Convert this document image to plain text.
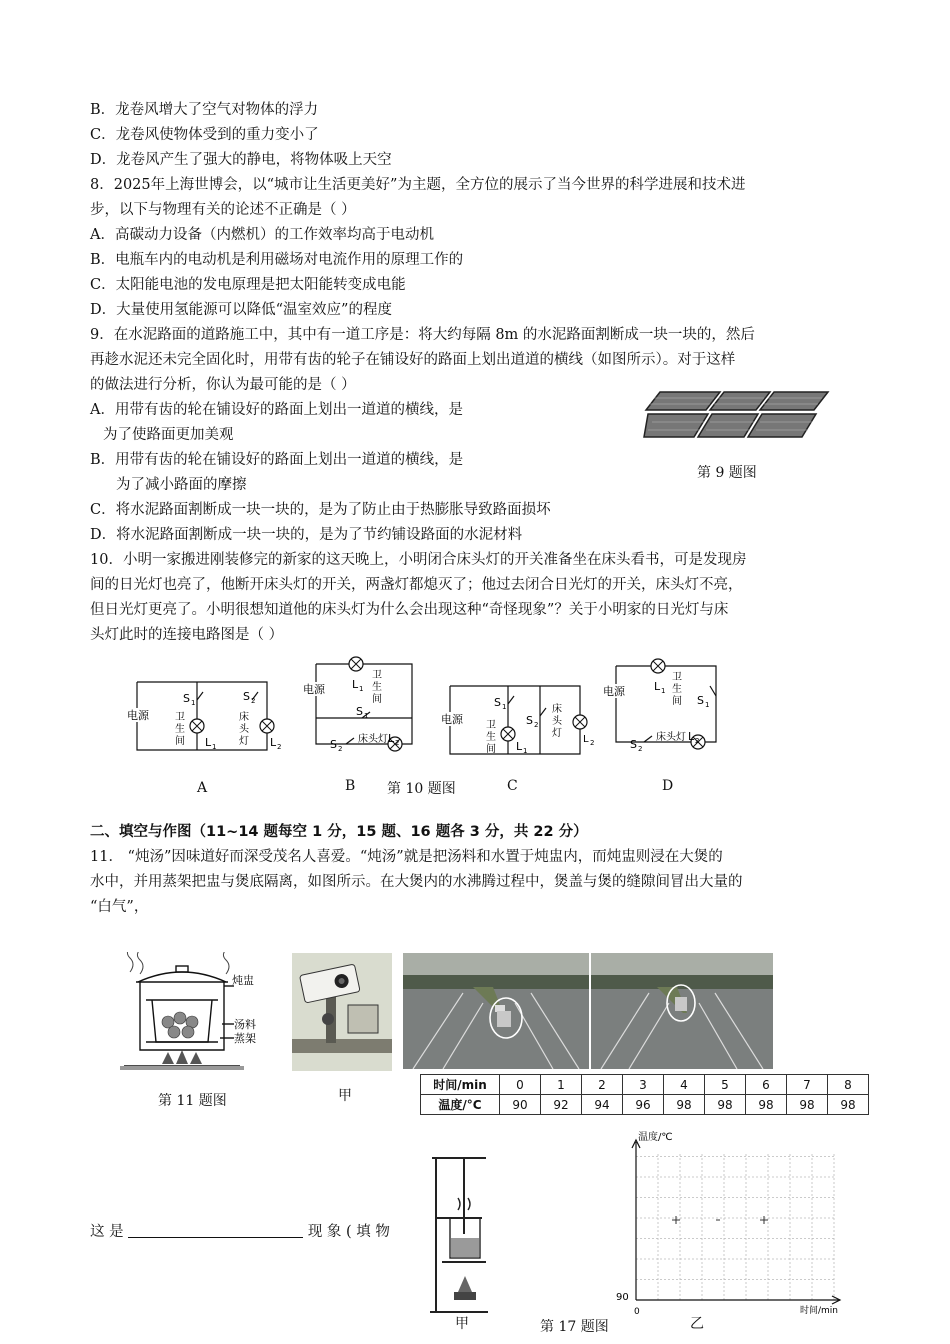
B．龙卷风增大了空气对物体的浮力
C．龙卷风使物体受到的重力变小了
D．龙卷风产生了强大的静电，将物体吸上天空
8．2025年上海世博会，以“城市让生活更美好”为主题，全方位的展示了当今世界的科学进展和技术进
步，以下与物理有关的论述不正确是（ ）
A．高碳动力设备（内燃机）的工作效率均高于电动机
B．电瓶车内的电动机是利用磁场对电流作用的原理工作的
C．太阳能电池的发电原理是把太阳能转变成电能
D．大量使用氢能源可以降低“温室效应”的程度
9．在水泥路面的道路施工中，其中有一道工序是：将大约每隔 8m 的水泥路面割断成一块一块的，然后
再趁水泥还未完全固化时，用带有齿的轮子在铺设好的路面上划出道道的横线（如图所示）。对于这样
的做法进行分析，你认为最可能的是（ ）
A．用带有齿的轮在铺设好的路面上划出一道道的横线，是
为了使路面更加美观
B．用带有齿的轮在铺设好的路面上划出一道道的横线，是
为了减小路面的摩擦
C．将水泥路面割断成一块一块的，是为了防止由于热膨胀导致路面损坏
D．将水泥路面割断成一块一块的，是为了节约铺设路面的水泥材料
第 9 题图
10．小明一家搬进刚装修完的新家的这天晚上，小明闭合床头灯的开关准备坐在床头看书，可是发现房
间的日光灯也亮了，他断开床头灯的开关，两盏灯都熄灭了；他过去闭合日光灯的开关，床头灯不亮，
但日光灯更亮了。小明很想知道他的床头灯为什么会出现这种“奇怪现象”？关于小明家的日光灯与床
头灯此时的连接电路图是（ ）
电源
S 1	S 2
卫
生
间 L 1
床
头
灯 L 2
电源 L 1
卫
生
间
S 1
S 2
床头灯 L 2
电源
S 1
S 2
卫
生
间 L 1
床
头
灯
L 2
电源	L 1
卫
生
间 S 1
S 2
床头灯 L 2
A	B 第 10 题图	C	D
二、填空与作图（11~14 题每空 1 分，15 题、16 题各 3 分，共 22 分）
11． “炖汤”因味道好而深受茂名人喜爱。“炖汤”就是把汤料和水置于炖盅内，而炖盅则浸在大煲的
水中，并用蒸架把盅与煲底隔离，如图所示。在大煲内的水沸腾过程中，煲盖与煲的缝隙间冒出大量的
“白气”，
炖盅
汤料
蒸架
第 11 题图	甲
时间/min	0	1	2	3	4	5	6	7	8
温度/°C	90	92	94	96	98	98	98	98	98
这 是	现 象 ( 填 物
甲
温度/℃
时间/min
90
0
第 17 题图	乙
